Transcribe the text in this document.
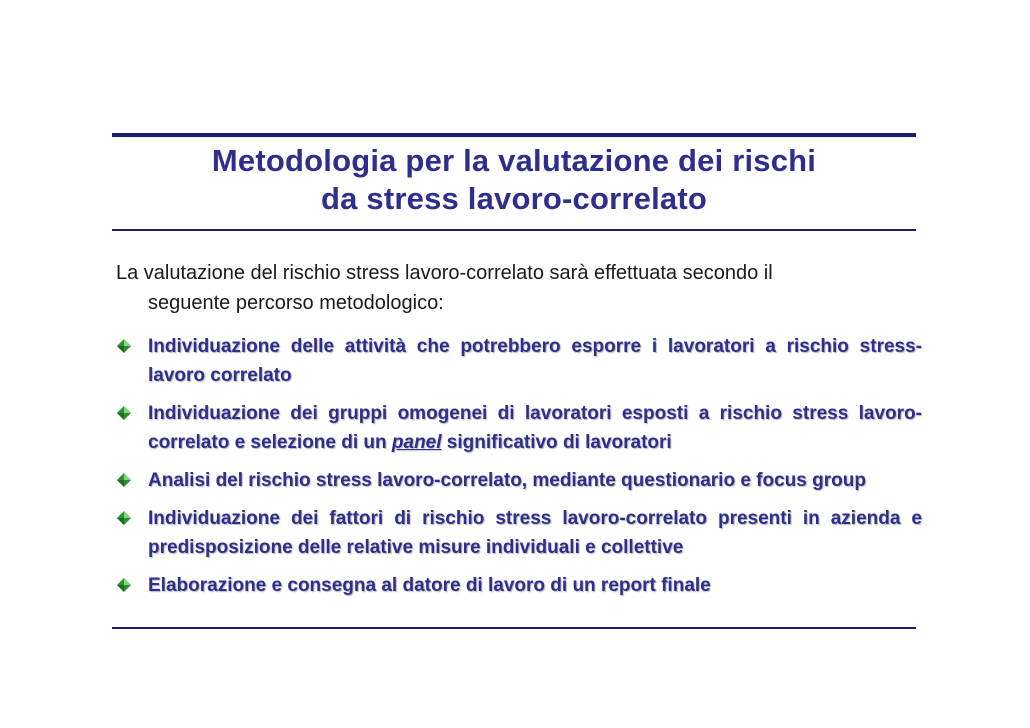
Metodologia per la valutazione dei rischi
da stress lavoro-correlato
La valutazione del rischio stress lavoro-correlato sarà effettuata secondo il
seguente percorso metodologico:
Individuazione delle attività che potrebbero esporre i lavoratori a rischio stress-lavoro correlato
Individuazione dei gruppi omogenei di lavoratori esposti a rischio stress lavoro-correlato e selezione di un panel significativo di lavoratori
Analisi del rischio stress lavoro-correlato, mediante questionario e focus group
Individuazione dei fattori di rischio stress lavoro-correlato presenti in azienda e predisposizione delle relative misure individuali e collettive
Elaborazione e consegna al datore di lavoro di un report finale
